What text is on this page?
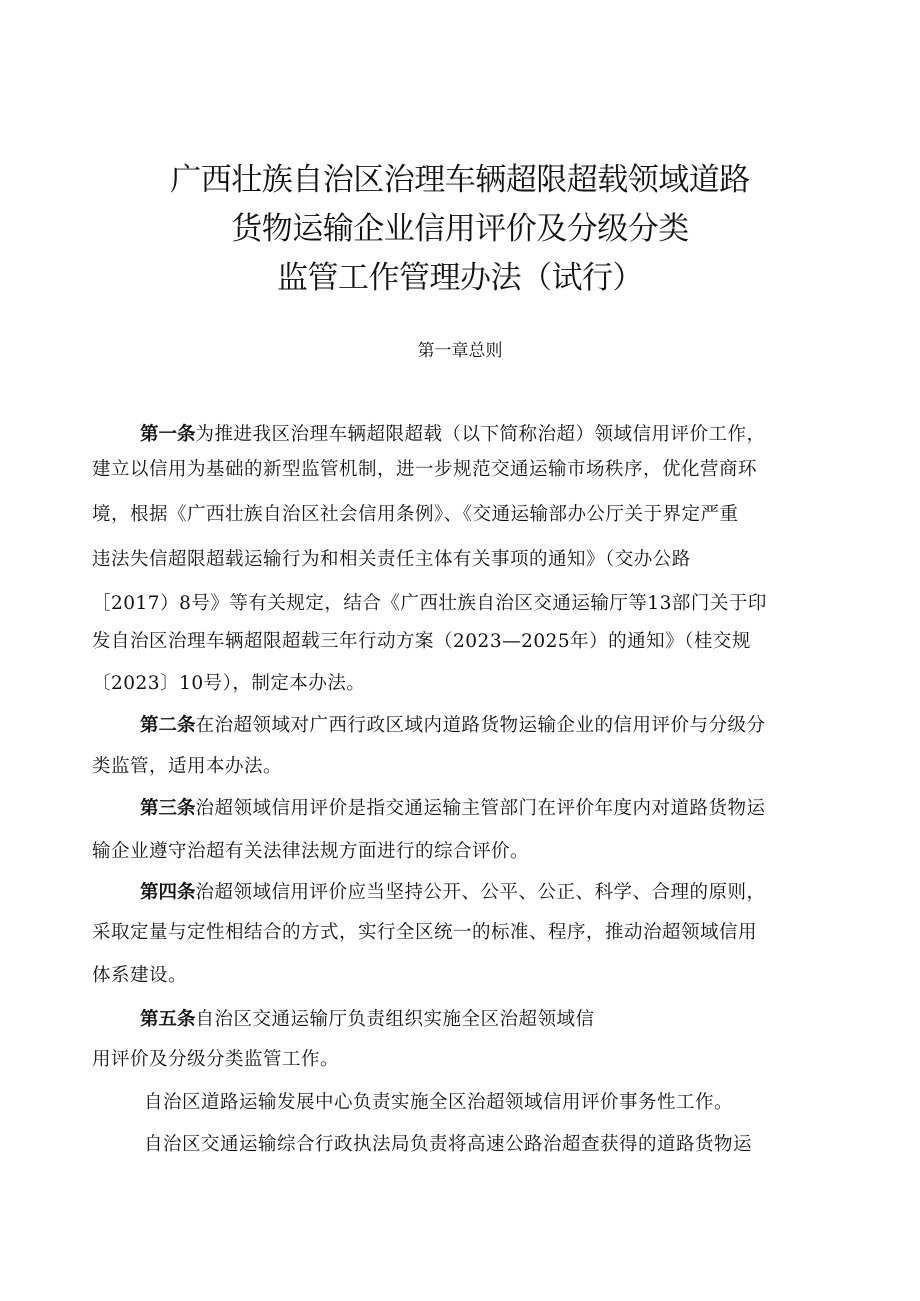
广西壮族自治区治理车辆超限超载领域道路
货物运输企业信用评价及分级分类
监管工作管理办法（试行）
第一章总则
第一条为推进我区治理车辆超限超载（以下简称治超）领域信用评价工作，
建立以信用为基础的新型监管机制，进一步规范交通运输市场秩序，优化营商环
境，根据《广西壮族自治区社会信用条例》、《交通运输部办公厅关于界定严重
违法失信超限超载运输行为和相关责任主体有关事项的通知》（交办公路
［2017）8号》等有关规定，结合《广西壮族自治区交通运输厅等13部门关于印
发自治区治理车辆超限超载三年行动方案（2023—2025年）的通知》（桂交规
〔2023〕10号），制定本办法。
第二条在治超领域对广西行政区域内道路货物运输企业的信用评价与分级分
类监管，适用本办法。
第三条治超领域信用评价是指交通运输主管部门在评价年度内对道路货物运
输企业遵守治超有关法律法规方面进行的综合评价。
第四条治超领域信用评价应当坚持公开、公平、公正、科学、合理的原则，
采取定量与定性相结合的方式，实行全区统一的标准、程序，推动治超领域信用
体系建设。
第五条自治区交通运输厅负责组织实施全区治超领域信
用评价及分级分类监管工作。
自治区道路运输发展中心负责实施全区治超领域信用评价事务性工作。
自治区交通运输综合行政执法局负责将高速公路治超查获得的道路货物运
